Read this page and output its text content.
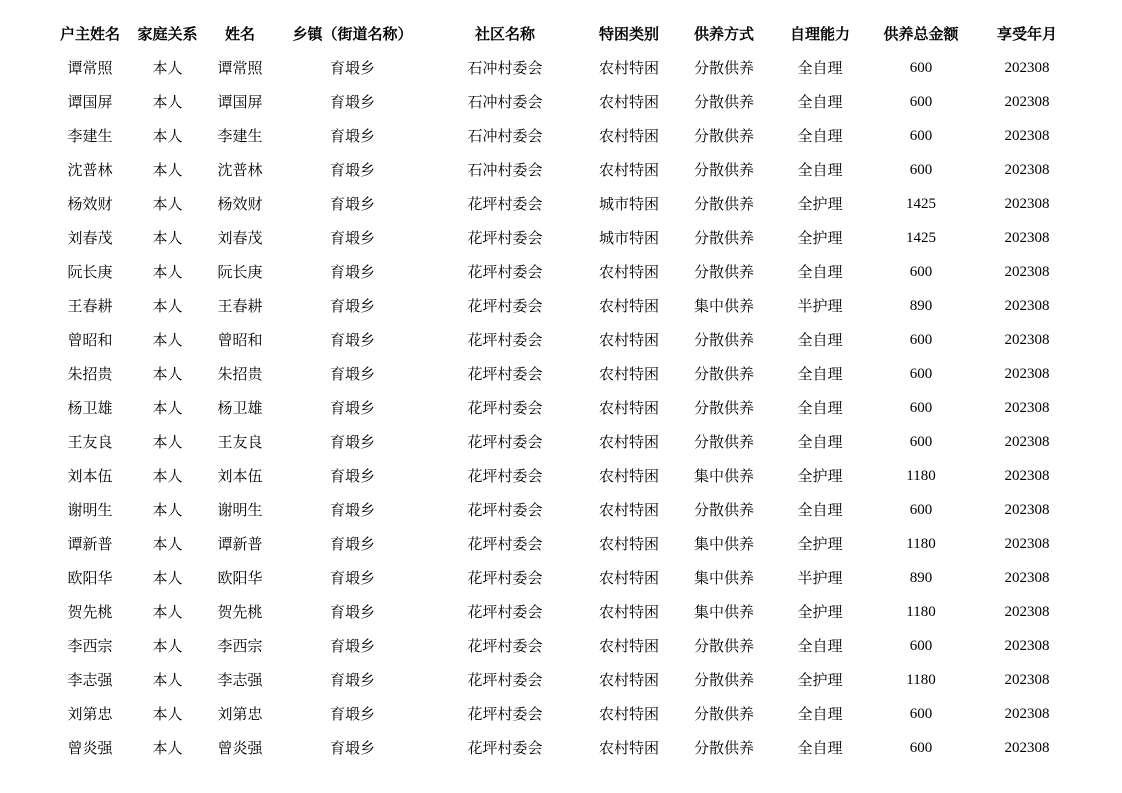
户主姓名	家庭关系	姓名	乡镇（街道名称）	社区名称	特困类别	供养方式	自理能力	供养总金额	享受年月
谭常照	本人	谭常照	育塅乡	石冲村委会	农村特困	分散供养	全自理	600	202308
谭国屏	本人	谭国屏	育塅乡	石冲村委会	农村特困	分散供养	全自理	600	202308
李建生	本人	李建生	育塅乡	石冲村委会	农村特困	分散供养	全自理	600	202308
沈普林	本人	沈普林	育塅乡	石冲村委会	农村特困	分散供养	全自理	600	202308
杨效财	本人	杨效财	育塅乡	花坪村委会	城市特困	分散供养	全护理	1425	202308
刘春茂	本人	刘春茂	育塅乡	花坪村委会	城市特困	分散供养	全护理	1425	202308
阮长庚	本人	阮长庚	育塅乡	花坪村委会	农村特困	分散供养	全自理	600	202308
王春耕	本人	王春耕	育塅乡	花坪村委会	农村特困	集中供养	半护理	890	202308
曾昭和	本人	曾昭和	育塅乡	花坪村委会	农村特困	分散供养	全自理	600	202308
朱招贵	本人	朱招贵	育塅乡	花坪村委会	农村特困	分散供养	全自理	600	202308
杨卫雄	本人	杨卫雄	育塅乡	花坪村委会	农村特困	分散供养	全自理	600	202308
王友良	本人	王友良	育塅乡	花坪村委会	农村特困	分散供养	全自理	600	202308
刘本伍	本人	刘本伍	育塅乡	花坪村委会	农村特困	集中供养	全护理	1180	202308
谢明生	本人	谢明生	育塅乡	花坪村委会	农村特困	分散供养	全自理	600	202308
谭新普	本人	谭新普	育塅乡	花坪村委会	农村特困	集中供养	全护理	1180	202308
欧阳华	本人	欧阳华	育塅乡	花坪村委会	农村特困	集中供养	半护理	890	202308
贺先桃	本人	贺先桃	育塅乡	花坪村委会	农村特困	集中供养	全护理	1180	202308
李西宗	本人	李西宗	育塅乡	花坪村委会	农村特困	分散供养	全自理	600	202308
李志强	本人	李志强	育塅乡	花坪村委会	农村特困	分散供养	全护理	1180	202308
刘第忠	本人	刘第忠	育塅乡	花坪村委会	农村特困	分散供养	全自理	600	202308
曾炎强	本人	曾炎强	育塅乡	花坪村委会	农村特困	分散供养	全自理	600	202308
